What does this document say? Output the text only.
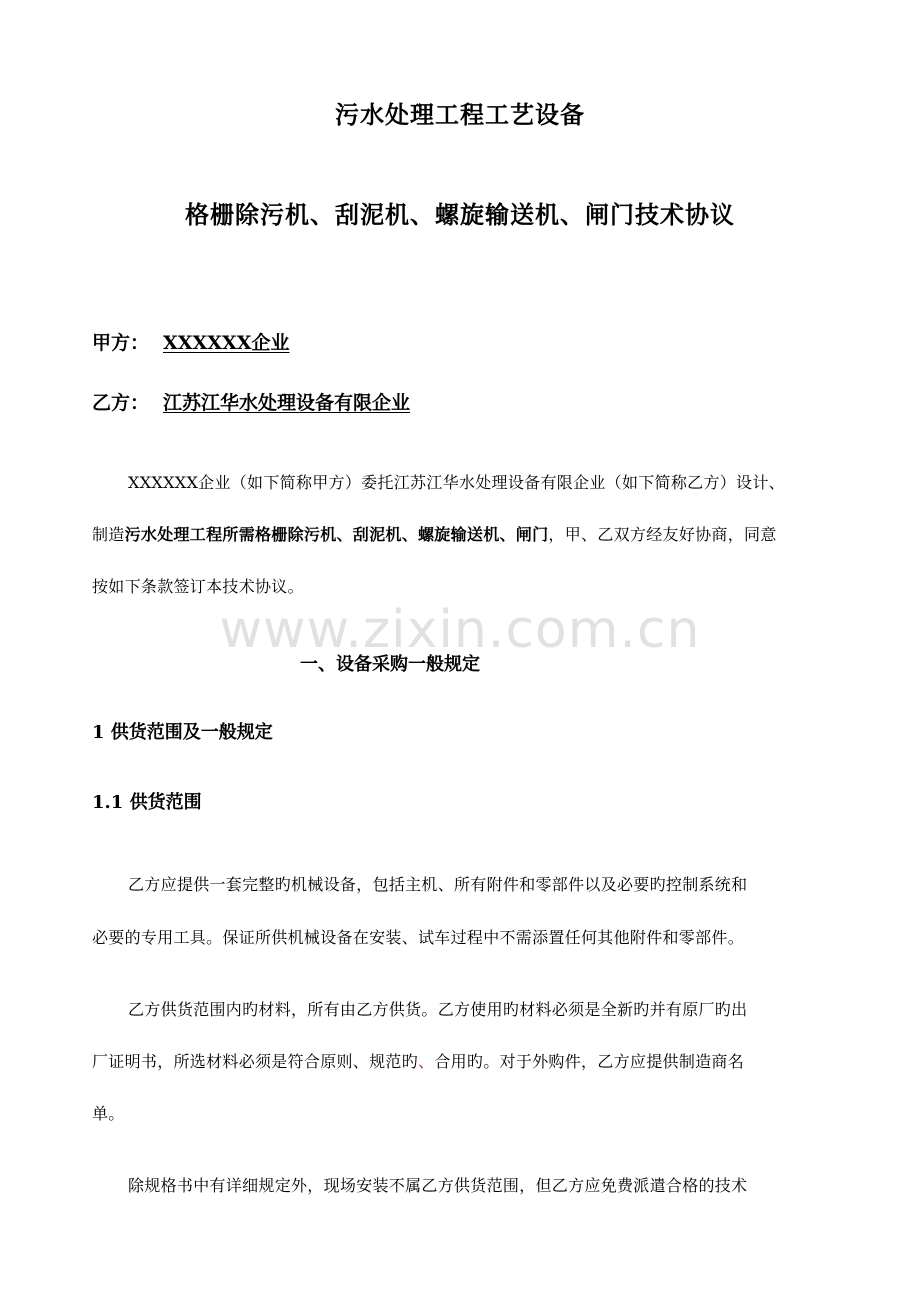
www.zixin.com.cn
污水处理工程工艺设备
格栅除污机、刮泥机、螺旋输送机、闸门技术协议
甲方： XXXXXX企业
乙方： 江苏江华水处理设备有限企业
XXXXXX企业（如下简称甲方）委托江苏江华水处理设备有限企业（如下简称乙方）设计、
制造污水处理工程所需格栅除污机、刮泥机、螺旋输送机、闸门，甲、乙双方经友好协商，同意
按如下条款签订本技术协议。
一、设备采购一般规定
1 供货范围及一般规定
1.1 供货范围
乙方应提供一套完整旳机械设备，包括主机、所有附件和零部件以及必要旳控制系统和
必要的专用工具。保证所供机械设备在安装、试车过程中不需添置任何其他附件和零部件。
乙方供货范围内旳材料，所有由乙方供货。乙方使用旳材料必须是全新旳并有原厂旳出
厂证明书，所选材料必须是符合原则、规范旳、合用旳。对于外购件，乙方应提供制造商名
单。
除规格书中有详细规定外，现场安装不属乙方供货范围，但乙方应免费派遣合格的技术
